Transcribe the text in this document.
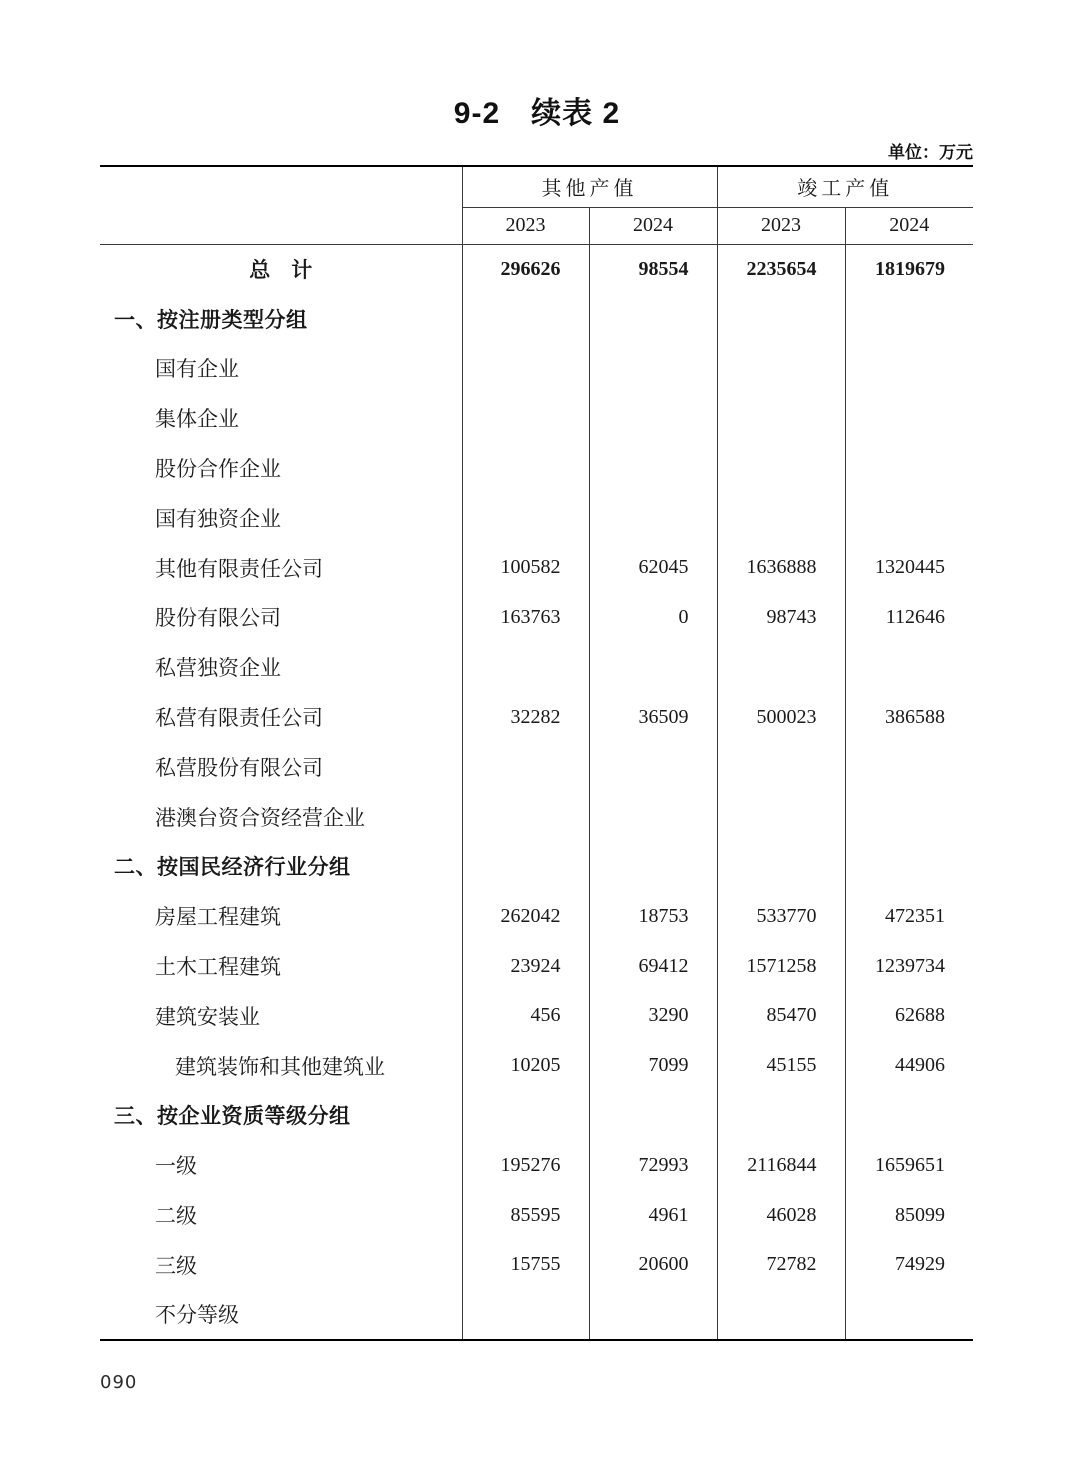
9-2　续表 2
单位：万元
	其他产值		竣工产值	
	2023	2024	2023	2024
总　计	296626	98554	2235654	1819679
一、按注册类型分组				
国有企业				
集体企业				
股份合作企业				
国有独资企业				
其他有限责任公司	100582	62045	1636888	1320445
股份有限公司	163763	0	98743	112646
私营独资企业				
私营有限责任公司	32282	36509	500023	386588
私营股份有限公司				
港澳台资合资经营企业				
二、按国民经济行业分组				
房屋工程建筑	262042	18753	533770	472351
土木工程建筑	23924	69412	1571258	1239734
建筑安装业	456	3290	85470	62688
建筑装饰和其他建筑业	10205	7099	45155	44906
三、按企业资质等级分组				
一级	195276	72993	2116844	1659651
二级	85595	4961	46028	85099
三级	15755	20600	72782	74929
不分等级				
090
